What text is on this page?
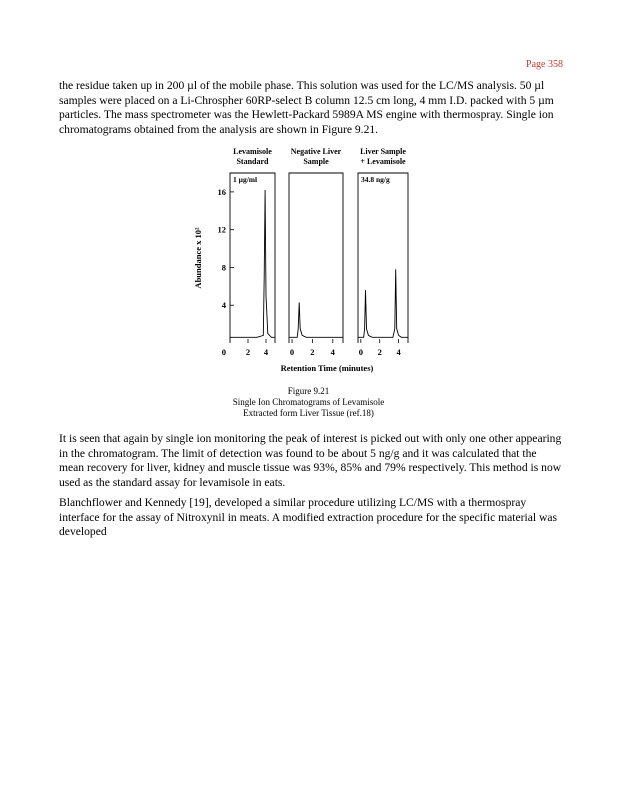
Page 358

the residue taken up in 200 µl of the mobile phase. This solution was used for the LC/MS analysis. 50 µl samples were placed on a Li-Chrospher 60RP-select B column 12.5 cm long, 4 mm I.D. packed with 5 µm particles. The mass spectrometer was the Hewlett-Packard 5989A MS engine with thermospray. Single ion chromatograms obtained from the analysis are shown in Figure 9.21.

Abundance x 10²
Retention Time (minutes)
16
12
8
4
0
Levamisole
Standard
1 µg/ml
2 4
Negative Liver
Sample
0 2 4
Liver Sample
+ Levamisole
34.8 ng/g
0 2 4
Figure 9.21
Single Ion Chromatograms of Levamisole
Extracted form Liver Tissue (ref.18)

It is seen that again by single ion monitoring the peak of interest is picked out with only one other appearing in the chromatogram. The limit of detection was found to be about 5 ng/g and it was calculated that the mean recovery for liver, kidney and muscle tissue was 93%, 85% and 79% respectively. This method is now used as the standard assay for levamisole in eats.

Blanchflower and Kennedy [19], developed a similar procedure utilizing LC/MS with a thermospray interface for the assay of Nitroxynil in meats. A modified extraction procedure for the specific material was developed
